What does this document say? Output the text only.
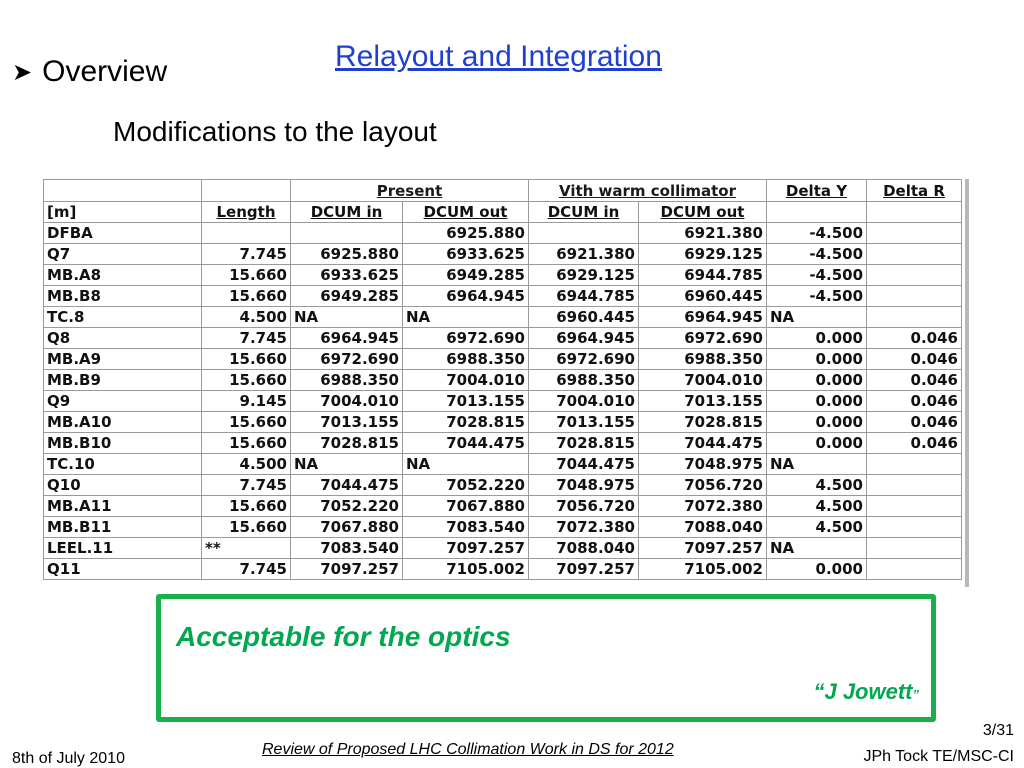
Relayout and Integration
➤ Overview
Modifications to the layout
		Present		Vith warm collimator		Delta Y	Delta R
[m]	Length	DCUM in	DCUM out	DCUM in	DCUM out		
DFBA			6925.880		6921.380	-4.500	
Q7	7.745	6925.880	6933.625	6921.380	6929.125	-4.500	
MB.A8	15.660	6933.625	6949.285	6929.125	6944.785	-4.500	
MB.B8	15.660	6949.285	6964.945	6944.785	6960.445	-4.500	
TC.8	4.500	NA	NA	6960.445	6964.945	NA	
Q8	7.745	6964.945	6972.690	6964.945	6972.690	0.000	0.046
MB.A9	15.660	6972.690	6988.350	6972.690	6988.350	0.000	0.046
MB.B9	15.660	6988.350	7004.010	6988.350	7004.010	0.000	0.046
Q9	9.145	7004.010	7013.155	7004.010	7013.155	0.000	0.046
MB.A10	15.660	7013.155	7028.815	7013.155	7028.815	0.000	0.046
MB.B10	15.660	7028.815	7044.475	7028.815	7044.475	0.000	0.046
TC.10	4.500	NA	NA	7044.475	7048.975	NA	
Q10	7.745	7044.475	7052.220	7048.975	7056.720	4.500	
MB.A11	15.660	7052.220	7067.880	7056.720	7072.380	4.500	
MB.B11	15.660	7067.880	7083.540	7072.380	7088.040	4.500	
LEEL.11	**	7083.540	7097.257	7088.040	7097.257	NA	
Q11	7.745	7097.257	7105.002	7097.257	7105.002	0.000	
Acceptable for the optics
“J Jowett”
8th of July 2010
Review of Proposed LHC Collimation Work in DS for 2012
3/31
JPh Tock TE/MSC-CI
